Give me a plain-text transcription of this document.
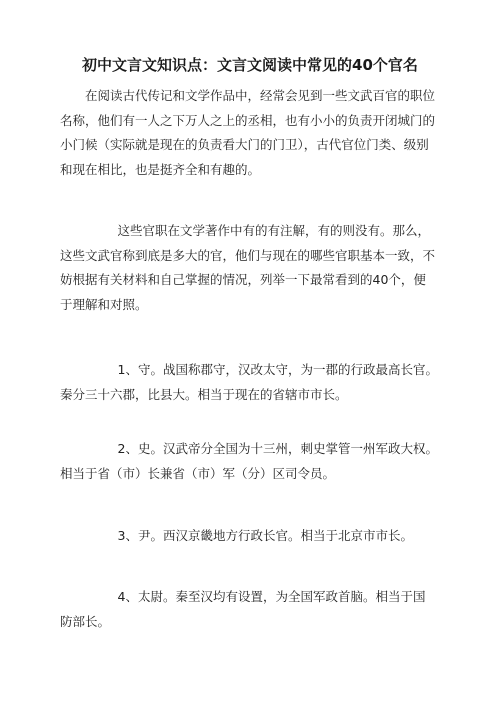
初中文言文知识点：文言文阅读中常见的40个官名
在阅读古代传记和文学作品中，经常会见到一些文武百官的职位
名称，他们有一人之下万人之上的丞相，也有小小的负责开闭城门的
小门候（实际就是现在的负责看大门的门卫），古代官位门类、级别
和现在相比，也是挺齐全和有趣的。
这些官职在文学著作中有的有注解，有的则没有。那么，
这些文武官称到底是多大的官，他们与现在的哪些官职基本一致，不
妨根据有关材料和自己掌握的情况，列举一下最常看到的40个，便
于理解和对照。
1、守。战国称郡守，汉改太守，为一郡的行政最高长官。
秦分三十六郡，比县大。相当于现在的省辖市市长。
2、史。汉武帝分全国为十三州，刺史掌管一州军政大权。
相当于省（市）长兼省（市）军（分）区司令员。
3、尹。西汉京畿地方行政长官。相当于北京市市长。
4、太尉。秦至汉均有设置，为全国军政首脑。相当于国
防部长。
